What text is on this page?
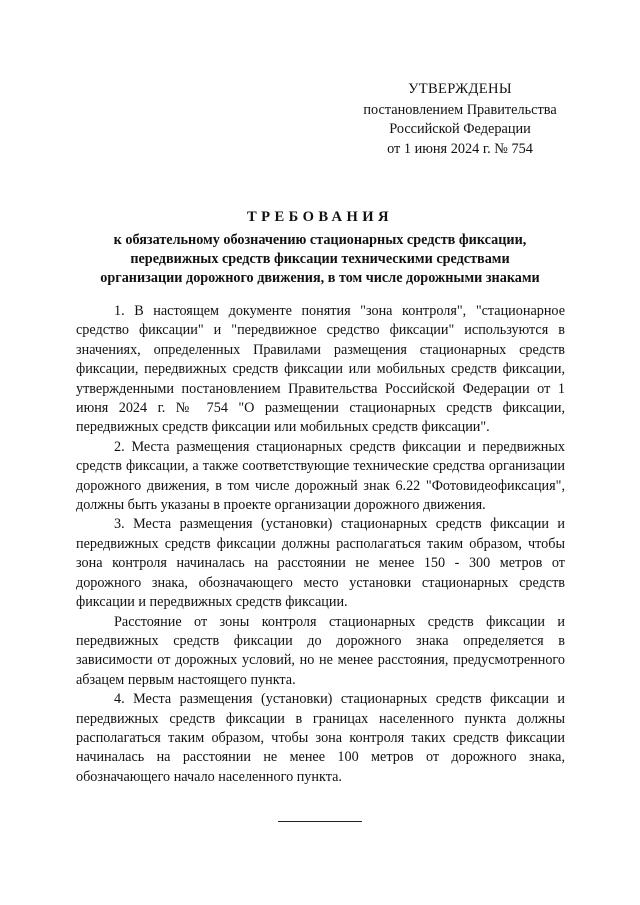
УТВЕРЖДЕНЫ
постановлением Правительства
Российской Федерации
от 1 июня 2024 г. № 754
ТРЕБОВАНИЯ
к обязательному обозначению стационарных средств фиксации,
передвижных средств фиксации техническими средствами
организации дорожного движения, в том числе дорожными знаками

1. В настоящем документе понятия "зона контроля", "стационарное средство фиксации" и "передвижное средство фиксации" используются в значениях, определенных Правилами размещения стационарных средств фиксации, передвижных средств фиксации или мобильных средств фиксации, утвержденными постановлением Правительства Российской Федерации от 1 июня 2024 г. № 754 "О размещении стационарных средств фиксации, передвижных средств фиксации или мобильных средств фиксации".

2. Места размещения стационарных средств фиксации и передвижных средств фиксации, а также соответствующие технические средства организации дорожного движения, в том числе дорожный знак 6.22 "Фотовидеофиксация", должны быть указаны в проекте организации дорожного движения.

3. Места размещения (установки) стационарных средств фиксации и передвижных средств фиксации должны располагаться таким образом, чтобы зона контроля начиналась на расстоянии не менее 150 - 300 метров от дорожного знака, обозначающего место установки стационарных средств фиксации и передвижных средств фиксации.

Расстояние от зоны контроля стационарных средств фиксации и передвижных средств фиксации до дорожного знака определяется в зависимости от дорожных условий, но не менее расстояния, предусмотренного абзацем первым настоящего пункта.

4. Места размещения (установки) стационарных средств фиксации и передвижных средств фиксации в границах населенного пункта должны располагаться таким образом, чтобы зона контроля таких средств фиксации начиналась на расстоянии не менее 100 метров от дорожного знака, обозначающего начало населенного пункта.
